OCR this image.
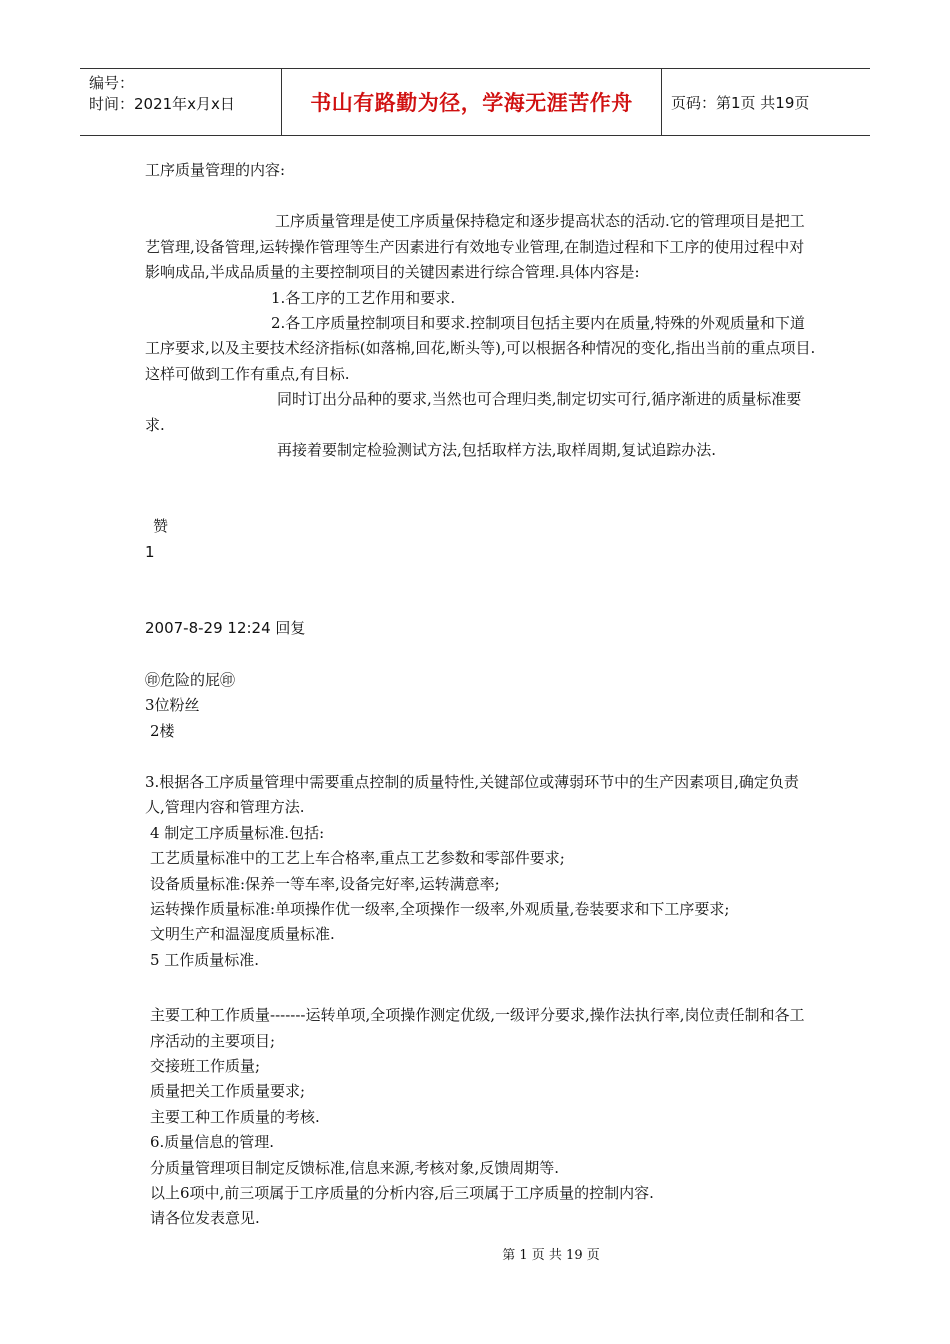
编号：
时间：2021年x月x日	书山有路勤为径，学海无涯苦作舟	页码：第1页 共19页

工序质量管理的内容:

工序质量管理是使工序质量保持稳定和逐步提高状态的活动.它的管理项目是把工艺管理,设备管理,运转操作管理等生产因素进行有效地专业管理,在制造过程和下工序的使用过程中对影响成品,半成品质量的主要控制项目的关键因素进行综合管理.具体内容是:

1.各工序的工艺作用和要求.

2.各工序质量控制项目和要求.控制项目包括主要内在质量,特殊的外观质量和下道工序要求,以及主要技术经济指标(如落棉,回花,断头等),可以根据各种情况的变化,指出当前的重点项目.这样可做到工作有重点,有目标.

同时订出分品种的要求,当然也可合理归类,制定切实可行,循序渐进的质量标准要求.

再接着要制定检验测试方法,包括取样方法,取样周期,复试追踪办法.

赞

1

2007-8-29 12:24 回复

㊞危险的屁㊞

3位粉丝

2楼

3.根据各工序质量管理中需要重点控制的质量特性,关键部位或薄弱环节中的生产因素项目,确定负责人,管理内容和管理方法.

4 制定工序质量标准.包括:

工艺质量标准中的工艺上车合格率,重点工艺参数和零部件要求;

设备质量标准:保养一等车率,设备完好率,运转满意率;

运转操作质量标准:单项操作优一级率,全项操作一级率,外观质量,卷装要求和下工序要求;

文明生产和温湿度质量标准.

5 工作质量标准.

主要工种工作质量-------运转单项,全项操作测定优级,一级评分要求,操作法执行率,岗位责任制和各工序活动的主要项目;

交接班工作质量;

质量把关工作质量要求;

主要工种工作质量的考核.

6.质量信息的管理.

分质量管理项目制定反馈标准,信息来源,考核对象,反馈周期等.

以上6项中,前三项属于工序质量的分析内容,后三项属于工序质量的控制内容.

请各位发表意见.

第 1 页 共 19 页
